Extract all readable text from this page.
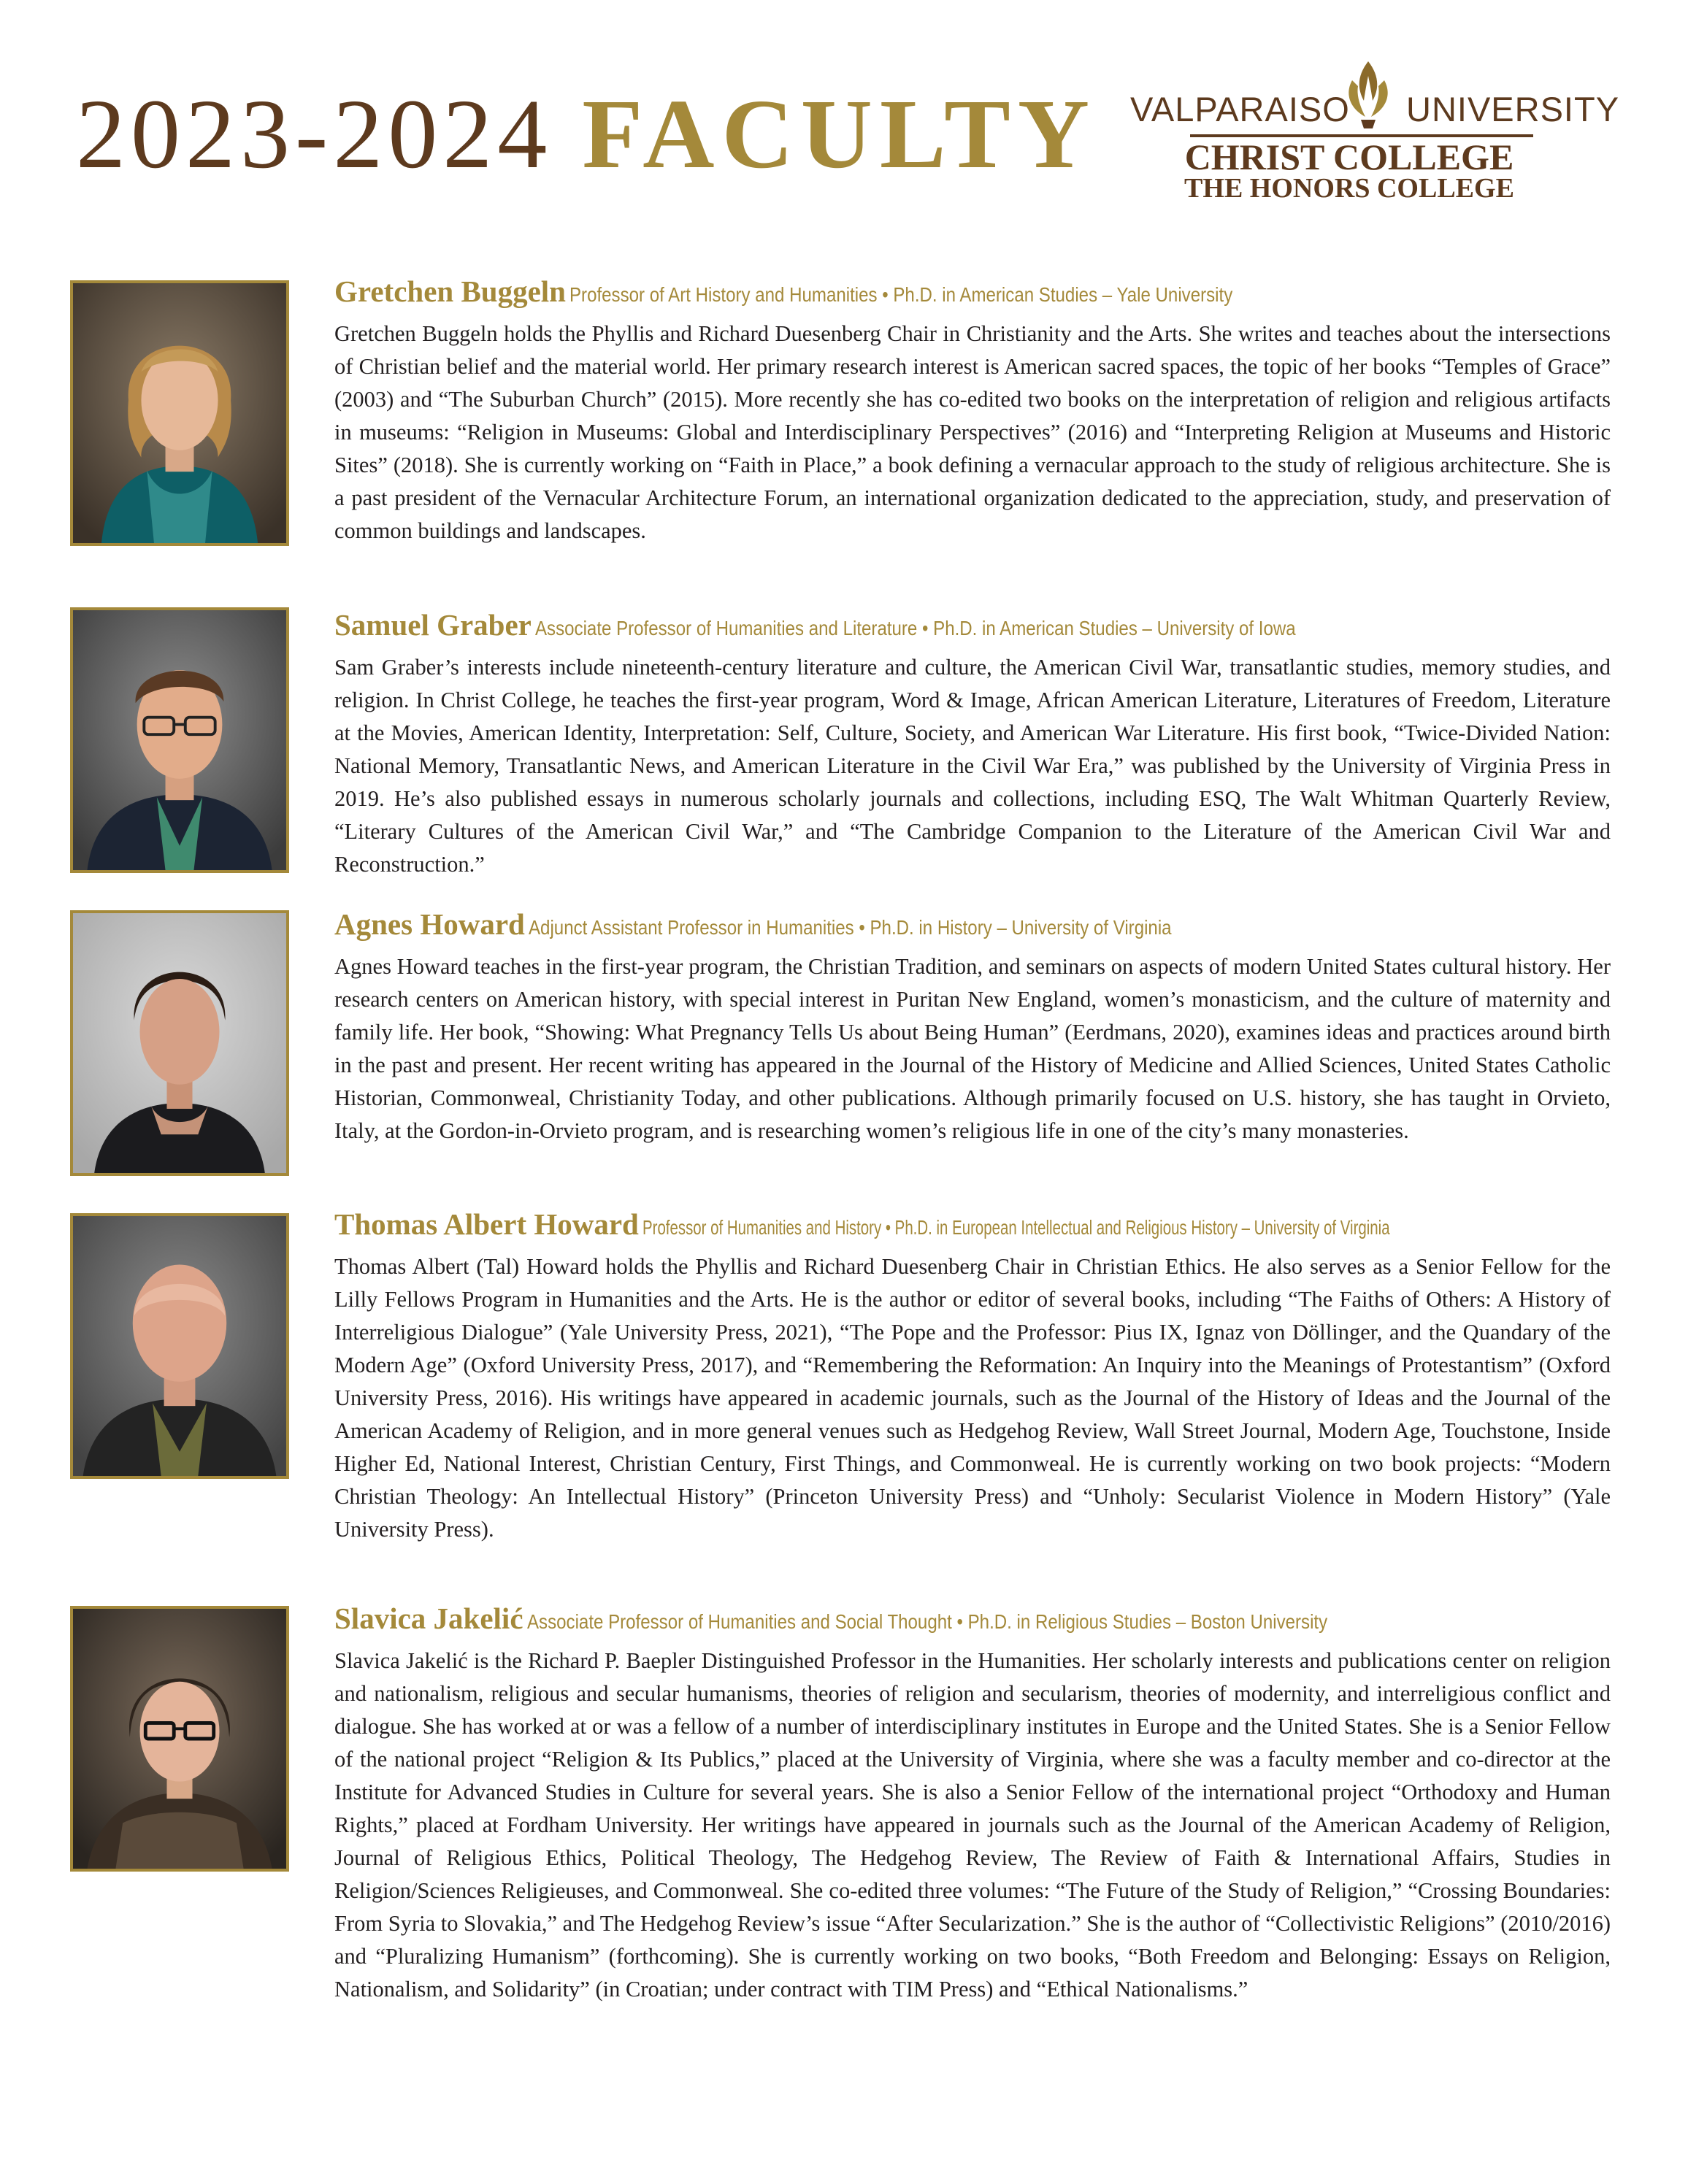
2023-2024 FACULTY VALPARAISO UNIVERSITY
CHRIST COLLEGE
THE HONORS COLLEGE

Gretchen Buggeln Professor of Art History and Humanities • Ph.D. in American Studies – Yale University

Gretchen Buggeln holds the Phyllis and Richard Duesenberg Chair in Christianity and the Arts. She writes and teaches about the intersections of Christian belief and the material world. Her primary research interest is American sacred spaces, the topic of her books “Temples of Grace” (2003) and “The Suburban Church” (2015). More recently she has co-edited two books on the interpretation of religion and religious artifacts in museums: “Religion in Museums: Global and Interdisciplinary Perspectives” (2016) and “Interpreting Religion at Museums and Historic Sites” (2018). She is currently working on “Faith in Place,” a book defining a vernacular approach to the study of religious architecture. She is a past president of the Vernacular Architecture Forum, an international organization dedicated to the appreciation, study, and preservation of common buildings and landscapes.

Samuel Graber Associate Professor of Humanities and Literature • Ph.D. in American Studies – University of Iowa

Sam Graber’s interests include nineteenth-century literature and culture, the American Civil War, transatlantic studies, memory studies, and religion. In Christ College, he teaches the first-year program, Word & Image, African American Literature, Literatures of Freedom, Literature at the Movies, American Identity, Interpretation: Self, Culture, Society, and American War Literature. His first book, “Twice-Divided Nation: National Memory, Transatlantic News, and American Literature in the Civil War Era,” was published by the University of Virginia Press in 2019. He’s also published essays in numerous scholarly journals and collections, including ESQ, The Walt Whitman Quarterly Review, “Literary Cultures of the American Civil War,” and “The Cambridge Companion to the Literature of the American Civil War and Reconstruction.”

Agnes Howard Adjunct Assistant Professor in Humanities • Ph.D. in History – University of Virginia

Agnes Howard teaches in the first-year program, the Christian Tradition, and seminars on aspects of modern United States cultural history. Her research centers on American history, with special interest in Puritan New England, women’s monasticism, and the culture of maternity and family life. Her book, “Showing: What Pregnancy Tells Us about Being Human” (Eerdmans, 2020), examines ideas and practices around birth in the past and present. Her recent writing has appeared in the Journal of the History of Medicine and Allied Sciences, United States Catholic Historian, Commonweal, Christianity Today, and other publications. Although primarily focused on U.S. history, she has taught in Orvieto, Italy, at the Gordon-in-Orvieto program, and is researching women’s religious life in one of the city’s many monasteries.

Thomas Albert Howard Professor of Humanities and History • Ph.D. in European Intellectual and Religious History – University of Virginia

Thomas Albert (Tal) Howard holds the Phyllis and Richard Duesenberg Chair in Christian Ethics. He also serves as a Senior Fellow for the Lilly Fellows Program in Humanities and the Arts. He is the author or editor of several books, including “The Faiths of Others: A History of Interreligious Dialogue” (Yale University Press, 2021), “The Pope and the Professor: Pius IX, Ignaz von Döllinger, and the Quandary of the Modern Age” (Oxford University Press, 2017), and “Remembering the Reformation: An Inquiry into the Meanings of Protestantism” (Oxford University Press, 2016). His writings have appeared in academic journals, such as the Journal of the History of Ideas and the Journal of the American Academy of Religion, and in more general venues such as Hedgehog Review, Wall Street Journal, Modern Age, Touchstone, Inside Higher Ed, National Interest, Christian Century, First Things, and Commonweal. He is currently working on two book projects: “Modern Christian Theology: An Intellectual History” (Princeton University Press) and “Unholy: Secularist Violence in Modern History” (Yale University Press).

Slavica Jakelić Associate Professor of Humanities and Social Thought • Ph.D. in Religious Studies – Boston University

Slavica Jakelić is the Richard P. Baepler Distinguished Professor in the Humanities. Her scholarly interests and publications center on religion and nationalism, religious and secular humanisms, theories of religion and secularism, theories of modernity, and interreligious conflict and dialogue. She has worked at or was a fellow of a number of interdisciplinary institutes in Europe and the United States. She is a Senior Fellow of the national project “Religion & Its Publics,” placed at the University of Virginia, where she was a faculty member and co-director at the Institute for Advanced Studies in Culture for several years. She is also a Senior Fellow of the international project “Orthodoxy and Human Rights,” placed at Fordham University. Her writings have appeared in journals such as the Journal of the American Academy of Religion, Journal of Religious Ethics, Political Theology, The Hedgehog Review, The Review of Faith & International Affairs, Studies in Religion/Sciences Religieuses, and Commonweal. She co-edited three volumes: “The Future of the Study of Religion,” “Crossing Boundaries: From Syria to Slovakia,” and The Hedgehog Review’s issue “After Secularization.” She is the author of “Collectivistic Religions” (2010/2016) and “Pluralizing Humanism” (forthcoming). She is currently working on two books, “Both Freedom and Belonging: Essays on Religion, Nationalism, and Solidarity” (in Croatian; under contract with TIM Press) and “Ethical Nationalisms.”
